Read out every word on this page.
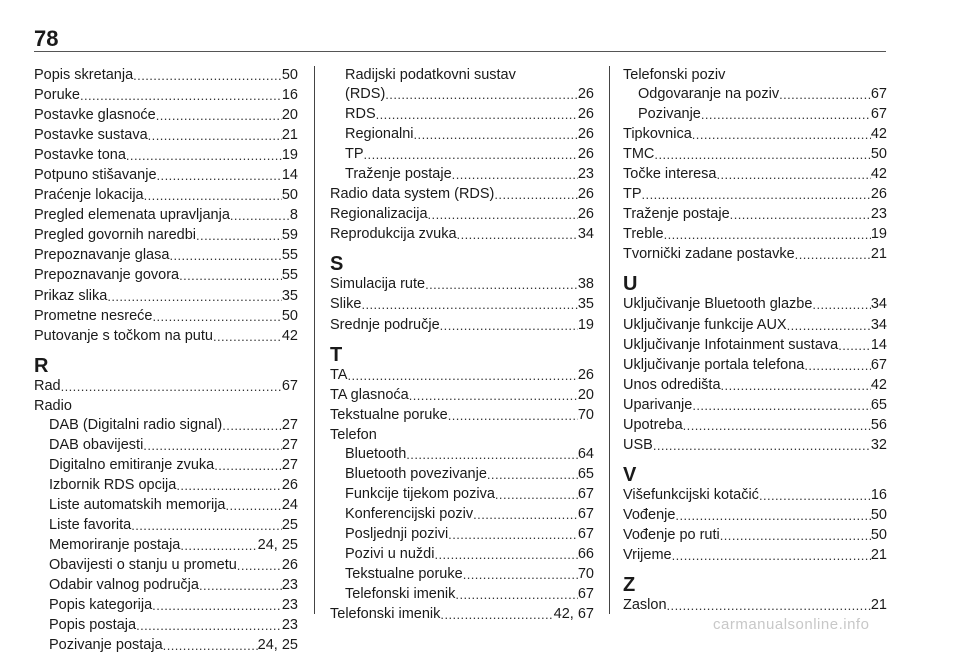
78
Popis skretanja . . .	50
Poruke . . .	16
Postavke glasnoće . . .	20
Postavke sustava . . .	21
Postavke tona . . .	19
Potpuno stišavanje . . .	14
Praćenje lokacija . . .	50
Pregled elemenata upravljanja . . .	8
Pregled govornih naredbi . . .	59
Prepoznavanje glasa . . .	55
Prepoznavanje govora . . .	55
Prikaz slika . . .	35
Prometne nesreće . . .	50
Putovanje s točkom na putu . . .	42
R
Rad . . .	67
Radio
DAB (Digitalni radio signal) . . .	27
DAB obavijesti . . .	27
Digitalno emitiranje zvuka . . .	27
Izbornik RDS opcija . . .	26
Liste automatskih memorija . . .	24
Liste favorita . . .	25
Memoriranje postaja . . .	24, 25
Obavijesti o stanju u prometu . . .	26
Odabir valnog područja . . .	23
Popis kategorija . . .	23
Popis postaja . . .	23
Pozivanje postaja . . .	24, 25
Radijski podatkovni sustav
(RDS) . . .	26
RDS . . .	26
Regionalni . . .	26
TP . . .	26
Traženje postaje . . .	23
Radio data system (RDS) . . .	26
Regionalizacija . . .	26
Reprodukcija zvuka . . .	34
S
Simulacija rute . . .	38
Slike . . .	35
Srednje područje . . .	19
T
TA . . .	26
TA glasnoća . . .	20
Tekstualne poruke . . .	70
Telefon
Bluetooth . . .	64
Bluetooth povezivanje . . .	65
Funkcije tijekom poziva . . .	67
Konferencijski poziv . . .	67
Posljednji pozivi . . .	67
Pozivi u nuždi . . .	66
Tekstualne poruke . . .	70
Telefonski imenik . . .	67
Telefonski imenik . . .	42, 67
Telefonski poziv
Odgovaranje na poziv . . .	67
Pozivanje . . .	67
Tipkovnica . . .	42
TMC . . .	50
Točke interesa . . .	42
TP . . .	26
Traženje postaje . . .	23
Treble . . .	19
Tvornički zadane postavke . . .	21
U
Uključivanje Bluetooth glazbe . . .	34
Uključivanje funkcije AUX . . .	34
Uključivanje Infotainment sustava . . . 14
Uključivanje portala telefona . . .	67
Unos odredišta . . .	42
Uparivanje . . .	65
Upotreba . . .	56
USB . . .	32
V
Višefunkcijski kotačić . . .	16
Vođenje . . .	50
Vođenje po ruti . . .	50
Vrijeme . . .	21
Z
Zaslon . . .	21
carmanualsonline.info
